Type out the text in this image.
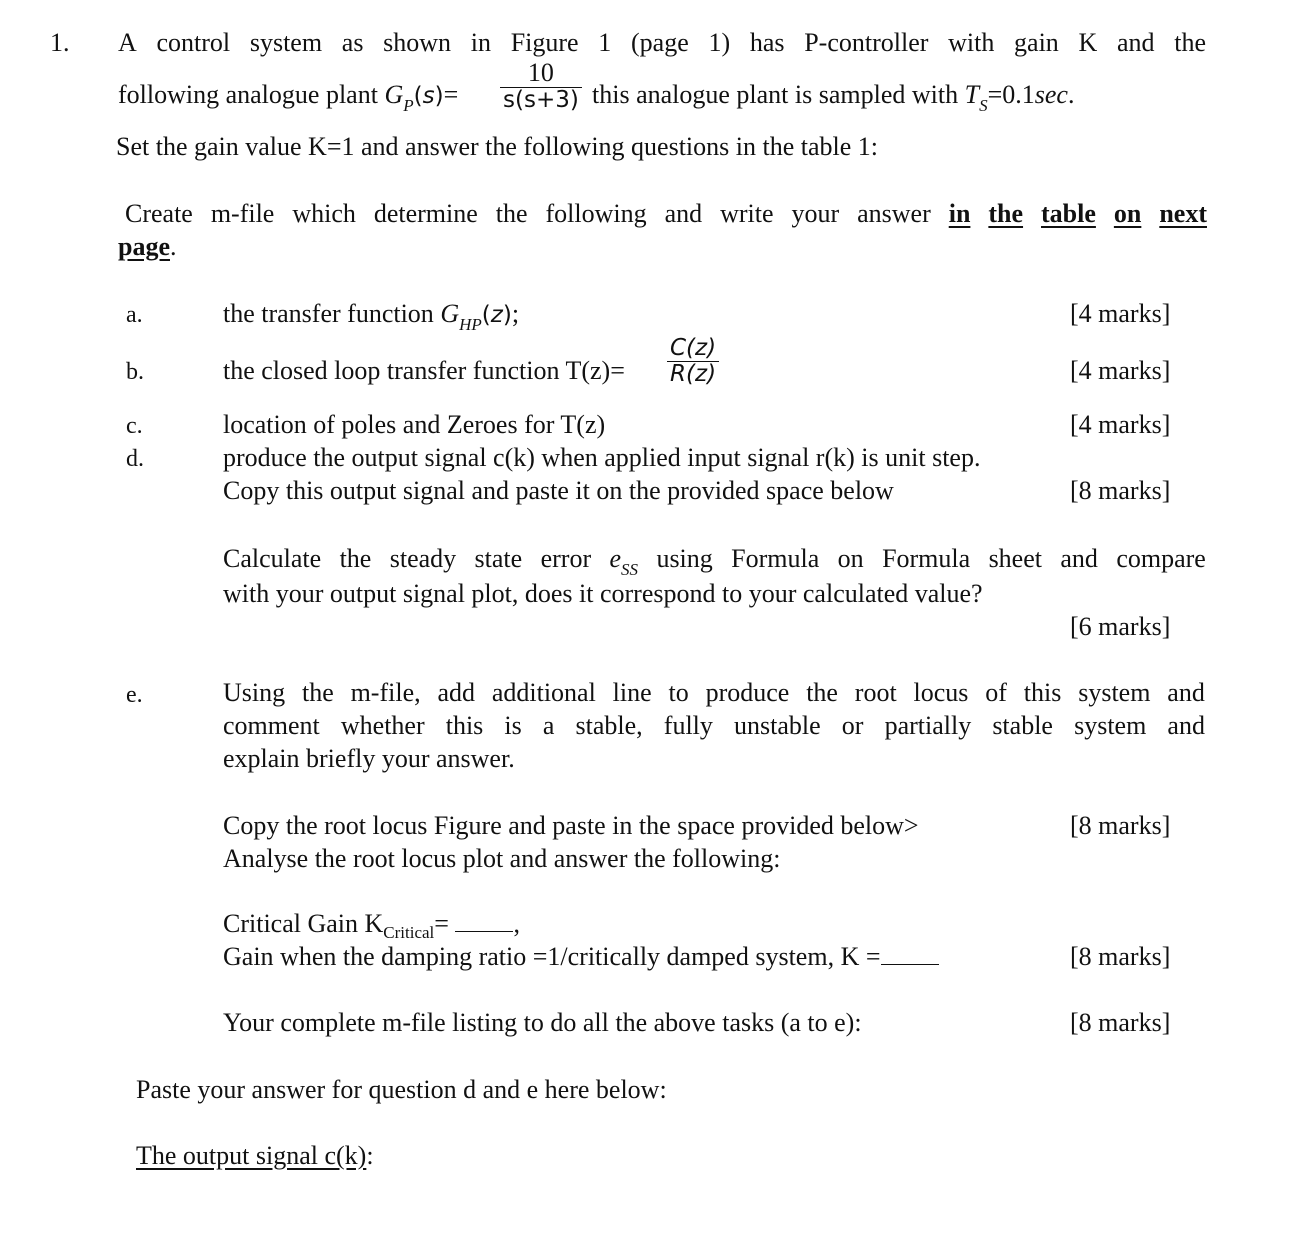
1. A control system as shown in Figure 1 (page 1) has P-controller with gain K and the
following analogue plant $G_P(s)=$
10
s(s+3) this analogue plant is sampled with $T_S=0.1\sec$.
Set the gain value K=1 and answer the following questions in the table 1:
Create m-file which determine the following and write your answer in the table on next
page.
a.	the transfer function $G_{HP}(z)$;	[4 marks]
b.	the closed loop transfer function T(z)=
C(z)
R(z)	[4 marks]
c.	location of poles and Zeroes for T(z)	[4 marks]
d.	produce the output signal c(k) when applied input signal r(k) is unit step.
Copy this output signal and paste it on the provided space below	[8 marks]
Calculate the steady state error $e_{SS}$ using Formula on Formula sheet and compare
with your output signal plot, does it correspond to your calculated value?
[6 marks]
e.	Using the m-file, add additional line to produce the root locus of this system and
comment whether this is a stable, fully unstable or partially stable system and
explain briefly your answer.
Copy the root locus Figure and paste in the space provided below>	[8 marks]
Analyse the root locus plot and answer the following:
Critical Gain $K_{Critical}=$ ,
Gain when the damping ratio =1/critically damped system, K =	[8 marks]
Your complete m-file listing to do all the above tasks (a to e):	[8 marks]
Paste your answer for question d and e here below:
The output signal c(k):
